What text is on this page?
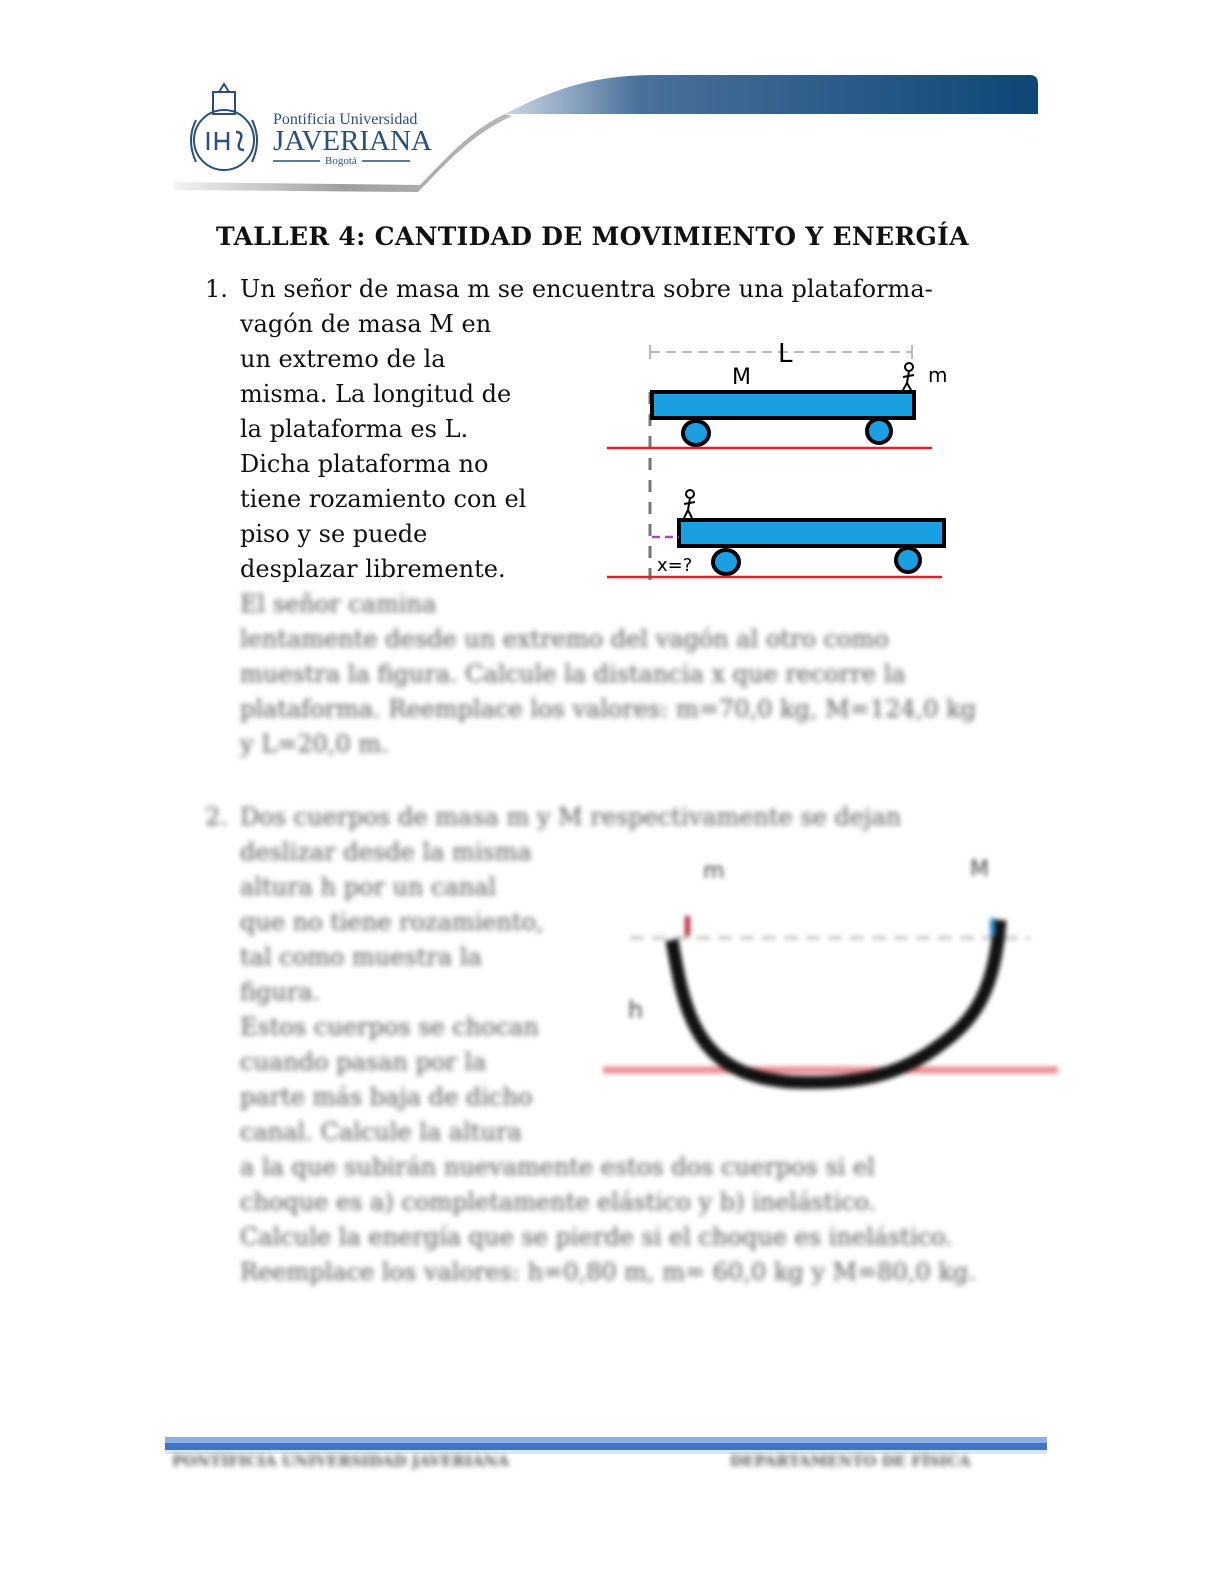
Pontificia Universidad
JAVERIANA
Bogotá
TALLER 4: CANTIDAD DE MOVIMIENTO Y ENERGÍA
1. Un señor de masa m se encuentra sobre una plataforma-
vagón de masa M en
un extremo de la
misma. La longitud de
la plataforma es L.
Dicha plataforma no
tiene rozamiento con el
piso y se puede
desplazar libremente.
El señor camina
lentamente desde un extremo del vagón al otro como
muestra la figura. Calcule la distancia x que recorre la
plataforma. Reemplace los valores: m=70,0 kg, M=124,0 kg
y L=20,0 m.
L
M	m
x=?
2. Dos cuerpos de masa m y M respectivamente se dejan
deslizar desde la misma
altura h por un canal
que no tiene rozamiento,
tal como muestra la
figura.
Estos cuerpos se chocan
cuando pasan por la
parte más baja de dicho
canal. Calcule la altura
a la que subirán nuevamente estos dos cuerpos si el
choque es a) completamente elástico y b) inelástico.
Calcule la energía que se pierde si el choque es inelástico.
Reemplace los valores: h=0,80 m, m= 60,0 kg y M=80,0 kg.
m	M
h
PONTIFICIA UNIVERSIDAD JAVERIANA	DEPARTAMENTO DE FÍSICA
